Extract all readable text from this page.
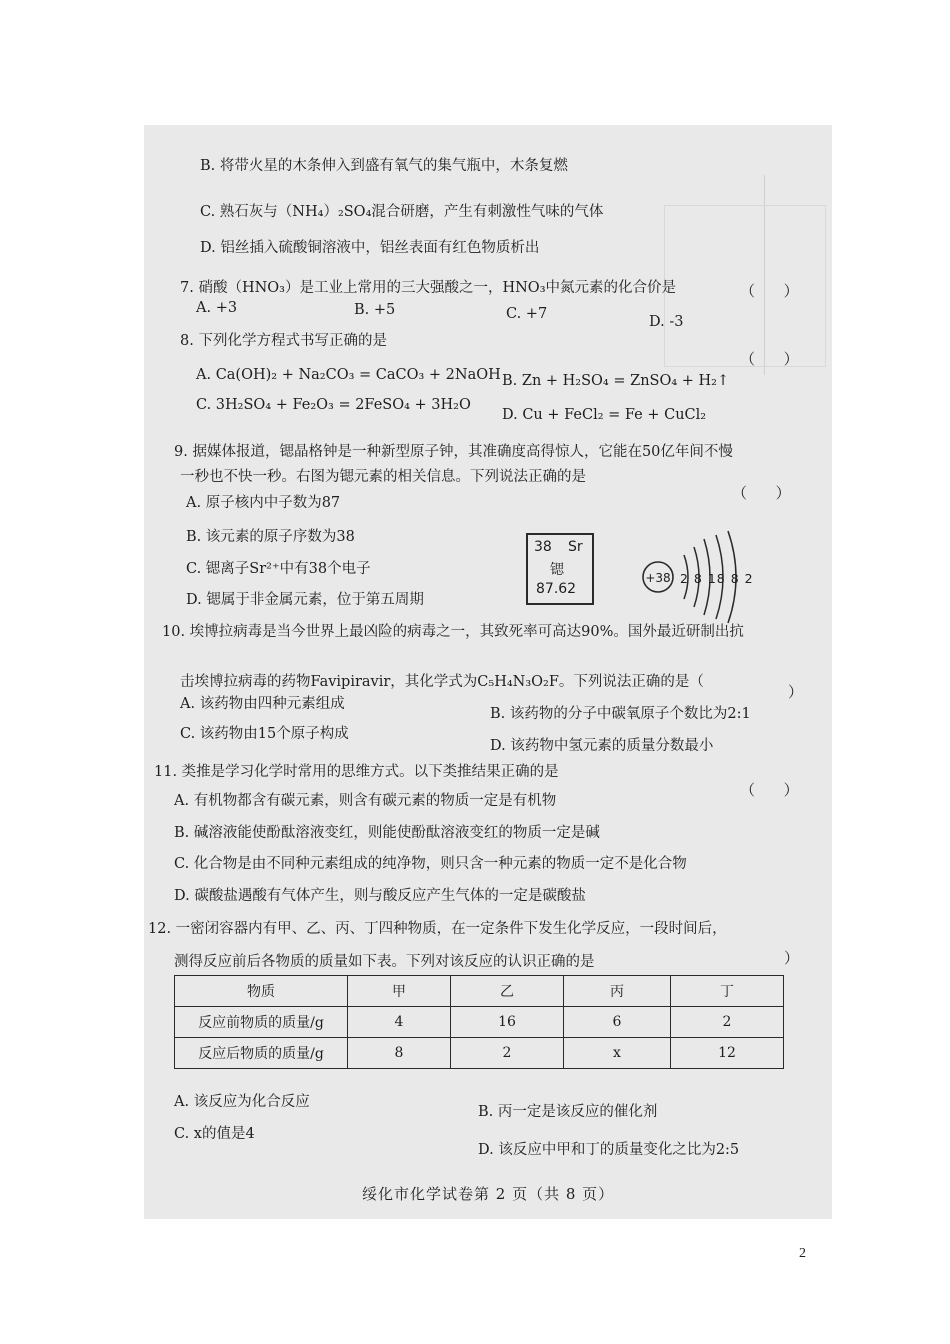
B. 将带火星的木条伸入到盛有氧气的集气瓶中，木条复燃
C. 熟石灰与（NH₄）₂SO₄混合研磨，产生有刺激性气味的气体
D. 铝丝插入硫酸铜溶液中，铝丝表面有红色物质析出
7. 硝酸（HNO₃）是工业上常用的三大强酸之一，HNO₃中氮元素的化合价是	（      ）
A. +3	B. +5	C. +7	D. -3
8. 下列化学方程式书写正确的是
（      ）
A. Ca(OH)₂ + Na₂CO₃ = CaCO₃ + 2NaOH B. Zn + H₂SO₄ = ZnSO₄ + H₂↑
C. 3H₂SO₄ + Fe₂O₃ = 2FeSO₄ + 3H₂O
D. Cu + FeCl₂ = Fe + CuCl₂
9. 据媒体报道，锶晶格钟是一种新型原子钟，其准确度高得惊人，它能在50亿年间不慢
一秒也不快一秒。右图为锶元素的相关信息。下列说法正确的是
（      ）
A. 原子核内中子数为87
B. 该元素的原子序数为38
C. 锶离子Sr²⁺中有38个电子
D. 锶属于非金属元素，位于第五周期
38 Sr
锶
87.62
+38 2 8 18 8 2
10. 埃博拉病毒是当今世界上最凶险的病毒之一，其致死率可高达90%。国外最近研制出抗
击埃博拉病毒的药物Favipiravir，其化学式为C₅H₄N₃O₂F。下列说法正确的是（
）
A. 该药物由四种元素组成
B. 该药物的分子中碳氧原子个数比为2:1
C. 该药物由15个原子构成
D. 该药物中氢元素的质量分数最小
11. 类推是学习化学时常用的思维方式。以下类推结果正确的是
（      ）
A. 有机物都含有碳元素，则含有碳元素的物质一定是有机物
B. 碱溶液能使酚酞溶液变红，则能使酚酞溶液变红的物质一定是碱
C. 化合物是由不同种元素组成的纯净物，则只含一种元素的物质一定不是化合物
D. 碳酸盐遇酸有气体产生，则与酸反应产生气体的一定是碳酸盐
12. 一密闭容器内有甲、乙、丙、丁四种物质，在一定条件下发生化学反应，一段时间后，
测得反应前后各物质的质量如下表。下列对该反应的认识正确的是	）
物质	甲	乙	丙	丁
反应前物质的质量/g	4	16	6	2
反应后物质的质量/g	8	2	x	12
A. 该反应为化合反应
B. 丙一定是该反应的催化剂
C. x的值是4
D. 该反应中甲和丁的质量变化之比为2:5
绥化市化学试卷第 2 页（共 8 页）
2
